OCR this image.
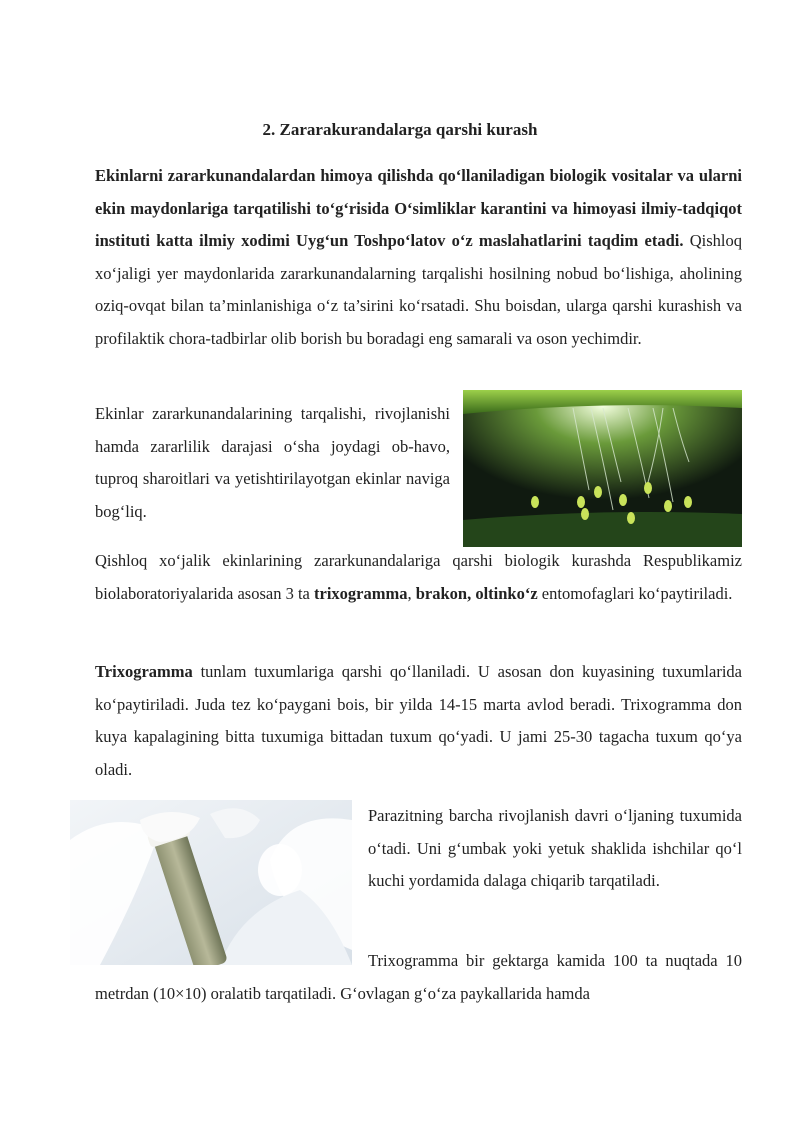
2. Zararakurandalarga qarshi kurash

Ekinlarni zararkunandalardan himoya qilishda qo‘llaniladigan biologik vositalar va ularni ekin maydonlariga tarqatilishi to‘g‘risida O‘simliklar karantini va himoyasi ilmiy-tadqiqot instituti katta ilmiy xodimi Uyg‘un Toshpo‘latov o‘z maslahatlarini taqdim etadi. Qishloq xo‘jaligi yer maydonlarida zararkunandalarning tarqalishi hosilning nobud bo‘lishiga, aholining oziq-ovqat bilan ta’minlanishiga o‘z ta’sirini ko‘rsatadi. Shu boisdan, ularga qarshi kurashish va profilaktik chora-tadbirlar olib borish bu boradagi eng samarali va oson yechimdir.

Ekinlar zararkunandalarining tarqalishi, rivojlanishi hamda zararlilik darajasi o‘sha joydagi ob-havo, tuproq sharoitlari va yetishtirilayotgan ekinlar naviga bog‘liq.

Qishloq xo‘jalik ekinlarining zararkunandalariga qarshi biologik kurashda Respublikamiz biolaboratoriyalarida asosan 3 ta trixogramma, brakon, oltinko‘z entomofaglari ko‘paytiriladi.

Trixogramma tunlam tuxumlariga qarshi qo‘llaniladi. U asosan don kuyasining tuxumlarida ko‘paytiriladi. Juda tez ko‘paygani bois, bir yilda 14-15 marta avlod beradi. Trixogramma don kuya kapalagining bitta tuxumiga bittadan tuxum qo‘yadi. U jami 25-30 tagacha tuxum qo‘ya oladi.

Parazitning barcha rivojlanish davri o‘ljaning tuxumida o‘tadi. Uni g‘umbak yoki yetuk shaklida ishchilar qo‘l kuchi yordamida dalaga chiqarib tarqatiladi.

Trixogramma bir gektarga kamida 100 ta nuqtada 10 metrdan (10×10) oralatib tarqatiladi. G‘ovlagan g‘o‘za paykallarida hamda
